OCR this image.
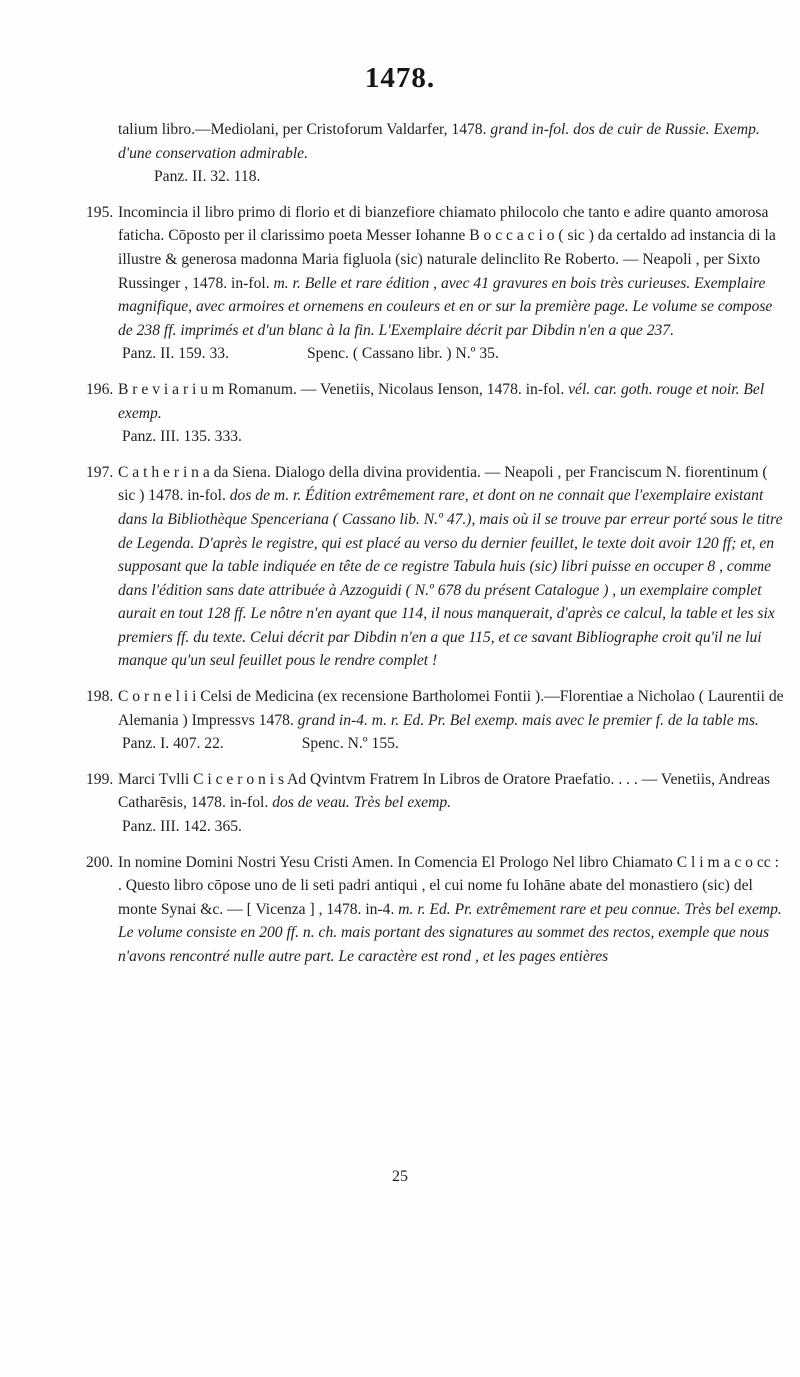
1478.
talium libro.—Mediolani, per Cristoforum Valdarfer, 1478. grand in-fol. dos de cuir de Russie. Exemp. d'une conservation admirable.
Panz. II. 32. 118.
195. Incomincia il libro primo di florio et di bianzefiore chiamato philocolo che tanto e adire quanto amorosa faticha. Cōposto per il clarissimo poeta Messer Iohanne B o c c a c i o ( sic ) da certaldo ad instancia di la illustre & generosa madonna Maria figluola (sic) naturale delinclito Re Roberto. — Neapoli , per Sixto Russinger , 1478. in-fol. m. r. Belle et rare édition , avec 41 gravures en bois très curieuses. Exemplaire magnifique, avec armoires et ornemens en couleurs et en or sur la première page. Le volume se compose de 238 ff. imprimés et d'un blanc à la fin. L'Exemplaire décrit par Dibdin n'en a que 237.
Panz. II. 159. 33.                    Spenc. ( Cassano libr. ) N.º 35.
196. B r e v i a r i u m Romanum. — Venetiis, Nicolaus Ienson, 1478. in-fol. vél. car. goth. rouge et noir. Bel exemp.
Panz. III. 135. 333.
197. C a t h e r i n a da Siena. Dialogo della divina providentia. — Neapoli , per Franciscum N. fiorentinum ( sic ) 1478. in-fol. dos de m. r. Édition extrêmement rare, et dont on ne connait que l'exemplaire existant dans la Bibliothèque Spenceriana ( Cassano lib. N.º 47.), mais où il se trouve par erreur porté sous le titre de Legenda. D'après le registre, qui est placé au verso du dernier feuillet, le texte doit avoir 120 ff; et, en supposant que la table indiquée en tête de ce registre Tabula huis (sic) libri puisse en occuper 8 , comme dans l'édition sans date attribuée à Azzoguidi ( N.º 678 du présent Catalogue ) , un exemplaire complet aurait en tout 128 ff. Le nôtre n'en ayant que 114, il nous manquerait, d'après ce calcul, la table et les six premiers ff. du texte. Celui décrit par Dibdin n'en a que 115, et ce savant Bibliographe croit qu'il ne lui manque qu'un seul feuillet pous le rendre complet !
198. C o r n e l i i Celsi de Medicina (ex recensione Bartholomei Fontii ).—Florentiae a Nicholao ( Laurentii de Alemania ) Impressvs 1478. grand in-4. m. r. Ed. Pr. Bel exemp. mais avec le premier f. de la table ms.
Panz. I. 407. 22.                    Spenc. N.º 155.
199. Marci Tvlli C i c e r o n i s Ad Qvintvm Fratrem In Libros de Oratore Praefatio. . . . — Venetiis, Andreas Catharēsis, 1478. in-fol. dos de veau. Très bel exemp.
Panz. III. 142. 365.
200. In nomine Domini Nostri Yesu Cristi Amen. In Comencia El Prologo Nel libro Chiamato C l i m a c o cc : . Questo libro cōpose uno de li seti padri antiqui , el cui nome fu Iohāne abate del monastiero (sic) del monte Synai &c. — [ Vicenza ] , 1478. in-4. m. r. Ed. Pr. extrêmement rare et peu connue. Très bel exemp. Le volume consiste en 200 ff. n. ch. mais portant des signatures au sommet des rectos, exemple que nous n'avons rencontré nulle autre part. Le caractère est rond , et les pages entières
25
